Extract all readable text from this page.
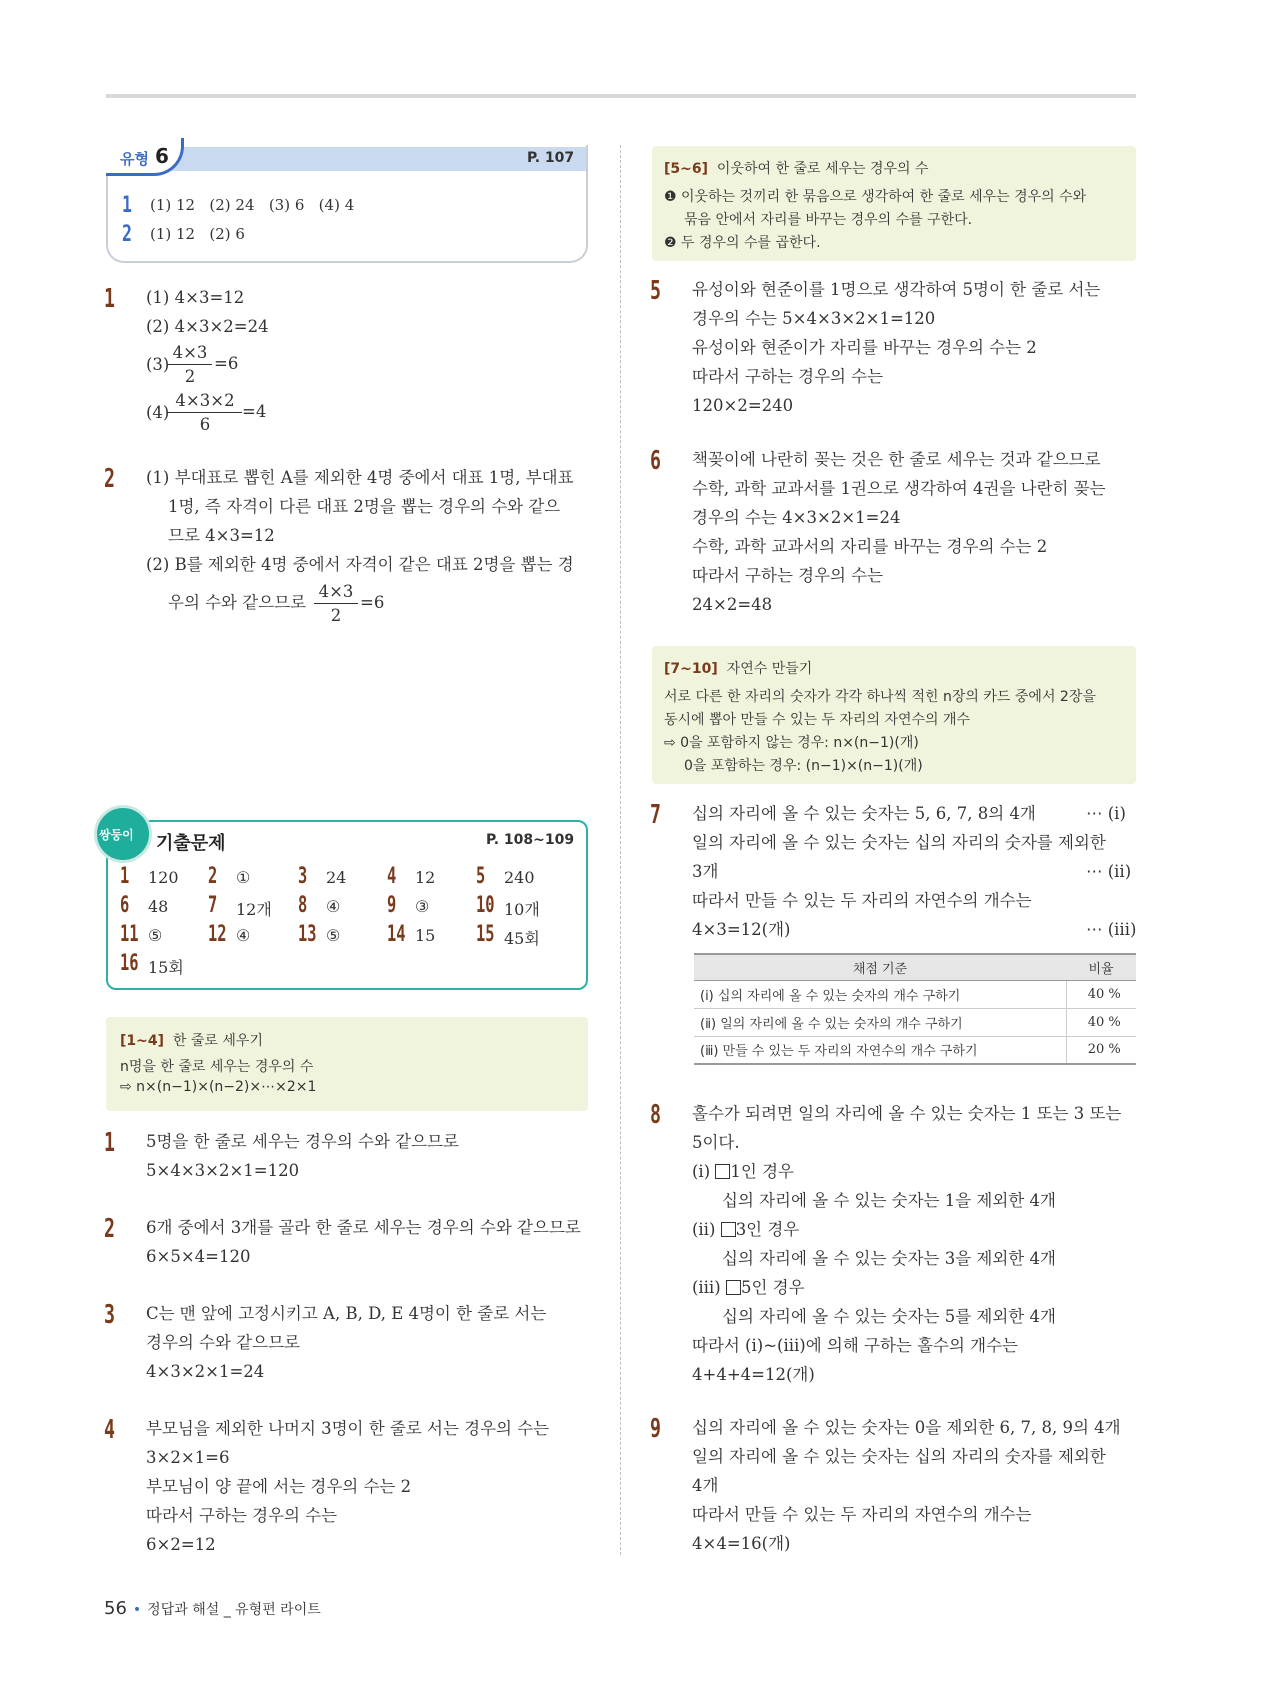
유형 6	P. 107
1 (1) 12   (2) 24   (3) 6   (4) 4
2 (1) 12   (2) 6
1 (1) 4×3=12
(2) 4×3×2=24
(3)
4×3
2
=6
(4)
4×3×2
6
=4
2 (1) 부대표로 뽑힌 A를 제외한 4명 중에서 대표 1명, 부대표
1명, 즉 자격이 다른 대표 2명을 뽑는 경우의 수와 같으
므로 4×3=12
(2) B를 제외한 4명 중에서 자격이 같은 대표 2명을 뽑는 경
우의 수와 같으므로
4×3
2
=6
쌍둥이 기출문제	P. 108~109
1 120 2 ① 3 24 4 12 5 240
6 48 7 12개 8 ④ 9 ③ 10 10개
11 ⑤ 12 ④ 13 ⑤ 14 15 15 45회
16 15회
[1~4] 한 줄로 세우기
n명을 한 줄로 세우는 경우의 수
⇨ n×(n−1)×(n−2)×⋯×2×1
1 5명을 한 줄로 세우는 경우의 수와 같으므로
5×4×3×2×1=120
2 6개 중에서 3개를 골라 한 줄로 세우는 경우의 수와 같으므로
6×5×4=120
3 C는 맨 앞에 고정시키고 A, B, D, E 4명이 한 줄로 서는
경우의 수와 같으므로
4×3×2×1=24
4 부모님을 제외한 나머지 3명이 한 줄로 서는 경우의 수는
3×2×1=6
부모님이 양 끝에 서는 경우의 수는 2
따라서 구하는 경우의 수는
6×2=12
[5~6] 이웃하여 한 줄로 세우는 경우의 수
❶ 이웃하는 것끼리 한 묶음으로 생각하여 한 줄로 세우는 경우의 수와
묶음 안에서 자리를 바꾸는 경우의 수를 구한다.
❷ 두 경우의 수를 곱한다.
5 유성이와 현준이를 1명으로 생각하여 5명이 한 줄로 서는
경우의 수는 5×4×3×2×1=120
유성이와 현준이가 자리를 바꾸는 경우의 수는 2
따라서 구하는 경우의 수는
120×2=240
6 책꽂이에 나란히 꽂는 것은 한 줄로 세우는 것과 같으므로
수학, 과학 교과서를 1권으로 생각하여 4권을 나란히 꽂는
경우의 수는 4×3×2×1=24
수학, 과학 교과서의 자리를 바꾸는 경우의 수는 2
따라서 구하는 경우의 수는
24×2=48
[7~10] 자연수 만들기
서로 다른 한 자리의 숫자가 각각 하나씩 적힌 n장의 카드 중에서 2장을
동시에 뽑아 만들 수 있는 두 자리의 자연수의 개수
⇨ 0을 포함하지 않는 경우: n×(n−1)(개)
0을 포함하는 경우: (n−1)×(n−1)(개)
7 십의 자리에 올 수 있는 숫자는 5, 6, 7, 8의 4개	⋯ (ⅰ)
일의 자리에 올 수 있는 숫자는 십의 자리의 숫자를 제외한
3개	⋯ (ⅱ)
따라서 만들 수 있는 두 자리의 자연수의 개수는
4×3=12(개)	⋯ (ⅲ)
채점 기준	비율
(ⅰ) 십의 자리에 올 수 있는 숫자의 개수 구하기	40 %
(ⅱ) 일의 자리에 올 수 있는 숫자의 개수 구하기	40 %
(ⅲ) 만들 수 있는 두 자리의 자연수의 개수 구하기	20 %
8 홀수가 되려면 일의 자리에 올 수 있는 숫자는 1 또는 3 또는
5이다.
(ⅰ) 1인 경우
십의 자리에 올 수 있는 숫자는 1을 제외한 4개
(ⅱ) 3인 경우
십의 자리에 올 수 있는 숫자는 3을 제외한 4개
(ⅲ) 5인 경우
십의 자리에 올 수 있는 숫자는 5를 제외한 4개
따라서 (ⅰ)~(ⅲ)에 의해 구하는 홀수의 개수는
4+4+4=12(개)
9 십의 자리에 올 수 있는 숫자는 0을 제외한 6, 7, 8, 9의 4개
일의 자리에 올 수 있는 숫자는 십의 자리의 숫자를 제외한
4개
따라서 만들 수 있는 두 자리의 자연수의 개수는
4×4=16(개)
56 • 정답과 해설 _ 유형편 라이트
